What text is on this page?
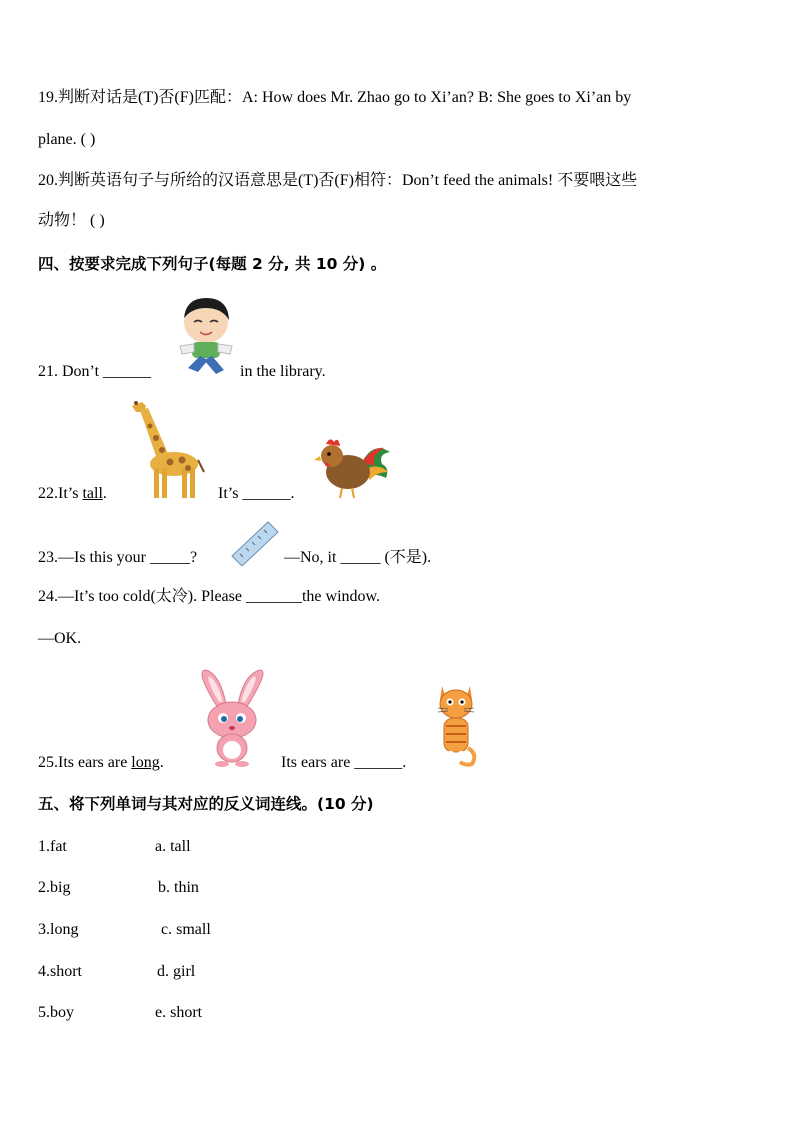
19.判断对话是(T)否(F)匹配：A: How does Mr. Zhao go to Xi’an? B: She goes to Xi’an by
plane. ( )
20.判断英语句子与所给的汉语意思是(T)否(F)相符：Don’t feed the animals! 不要喂这些
动物！ ( )
四、按要求完成下列句子(每题 2 分, 共 10 分) 。
21. Don’t ______	in the library.
22.It’s tall.	It’s ______.
23.—Is this your _____?	—No, it _____ (不是).
24.—It’s too cold(太冷). Please _______the window.
—OK.
25.Its ears are long.	Its ears are ______.
五、将下列单词与其对应的反义词连线。(10 分)
1.fat	a. tall
2.big	b. thin
3.long	c. small
4.short	d. girl
5.boy	e. short
